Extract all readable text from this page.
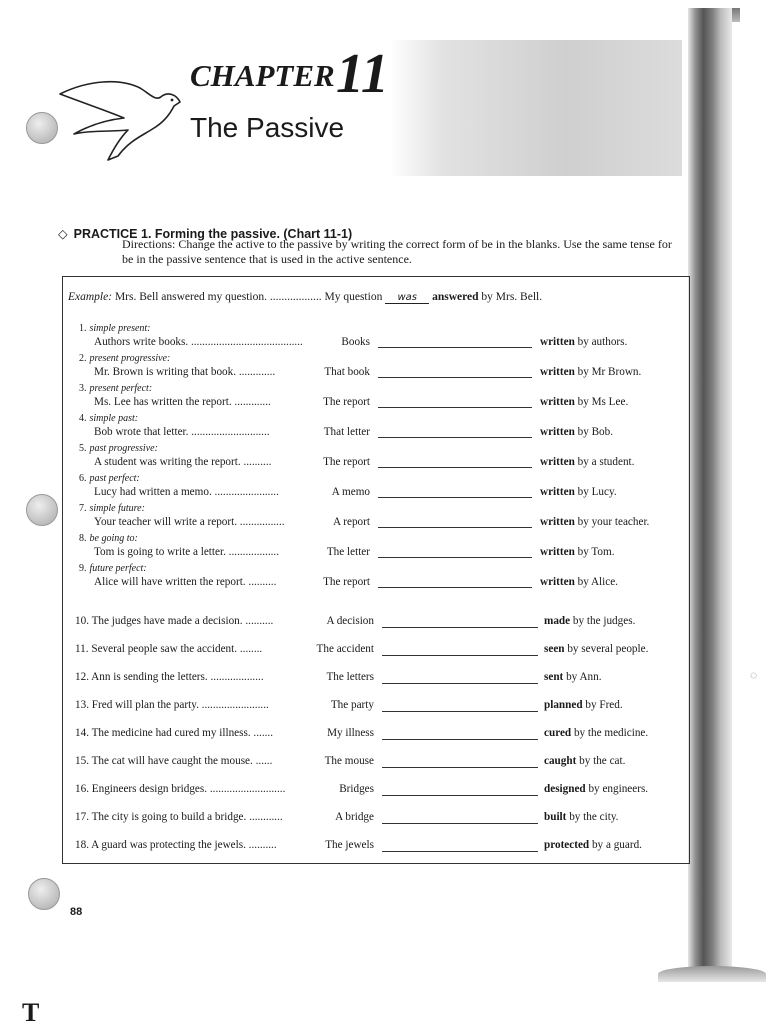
CHAPTER 11
The Passive
◇ PRACTICE 1. Forming the passive. (Chart 11-1)
Directions: Change the active to the passive by writing the correct form of be in the blanks. Use the same tense for be in the passive sentence that is used in the active sentence.
Example: Mrs. Bell answered my question. .................. My question was answered by Mrs. Bell.
1. simple present:
Authors write books. ........................................	Books	written by authors.
2. present progressive:
Mr. Brown is writing that book. .............	That book	written by Mr Brown.
3. present perfect:
Ms. Lee has written the report. .............	The report	written by Ms Lee.
4. simple past:
Bob wrote that letter. ............................	That letter	written by Bob.
5. past progressive:
A student was writing the report. ..........	The report	written by a student.
6. past perfect:
Lucy had written a memo. .......................	A memo	written by Lucy.
7. simple future:
Your teacher will write a report. ................	A report	written by your teacher.
8. be going to:
Tom is going to write a letter. ..................	The letter	written by Tom.
9. future perfect:
Alice will have written the report. ..........	The report	written by Alice.
10. The judges have made a decision. ..........	A decision	made by the judges.
11. Several people saw the accident. ........	The accident	seen by several people.
12. Ann is sending the letters. ...................	The letters	sent by Ann.
13. Fred will plan the party. ........................	The party	planned by Fred.
14. The medicine had cured my illness. .......	My illness	cured by the medicine.
15. The cat will have caught the mouse. ......	The mouse	caught by the cat.
16. Engineers design bridges. ...........................	Bridges	designed by engineers.
17. The city is going to build a bridge. ............	A bridge	built by the city.
18. A guard was protecting the jewels. ..........	The jewels	protected by a guard.
88
T
◌
